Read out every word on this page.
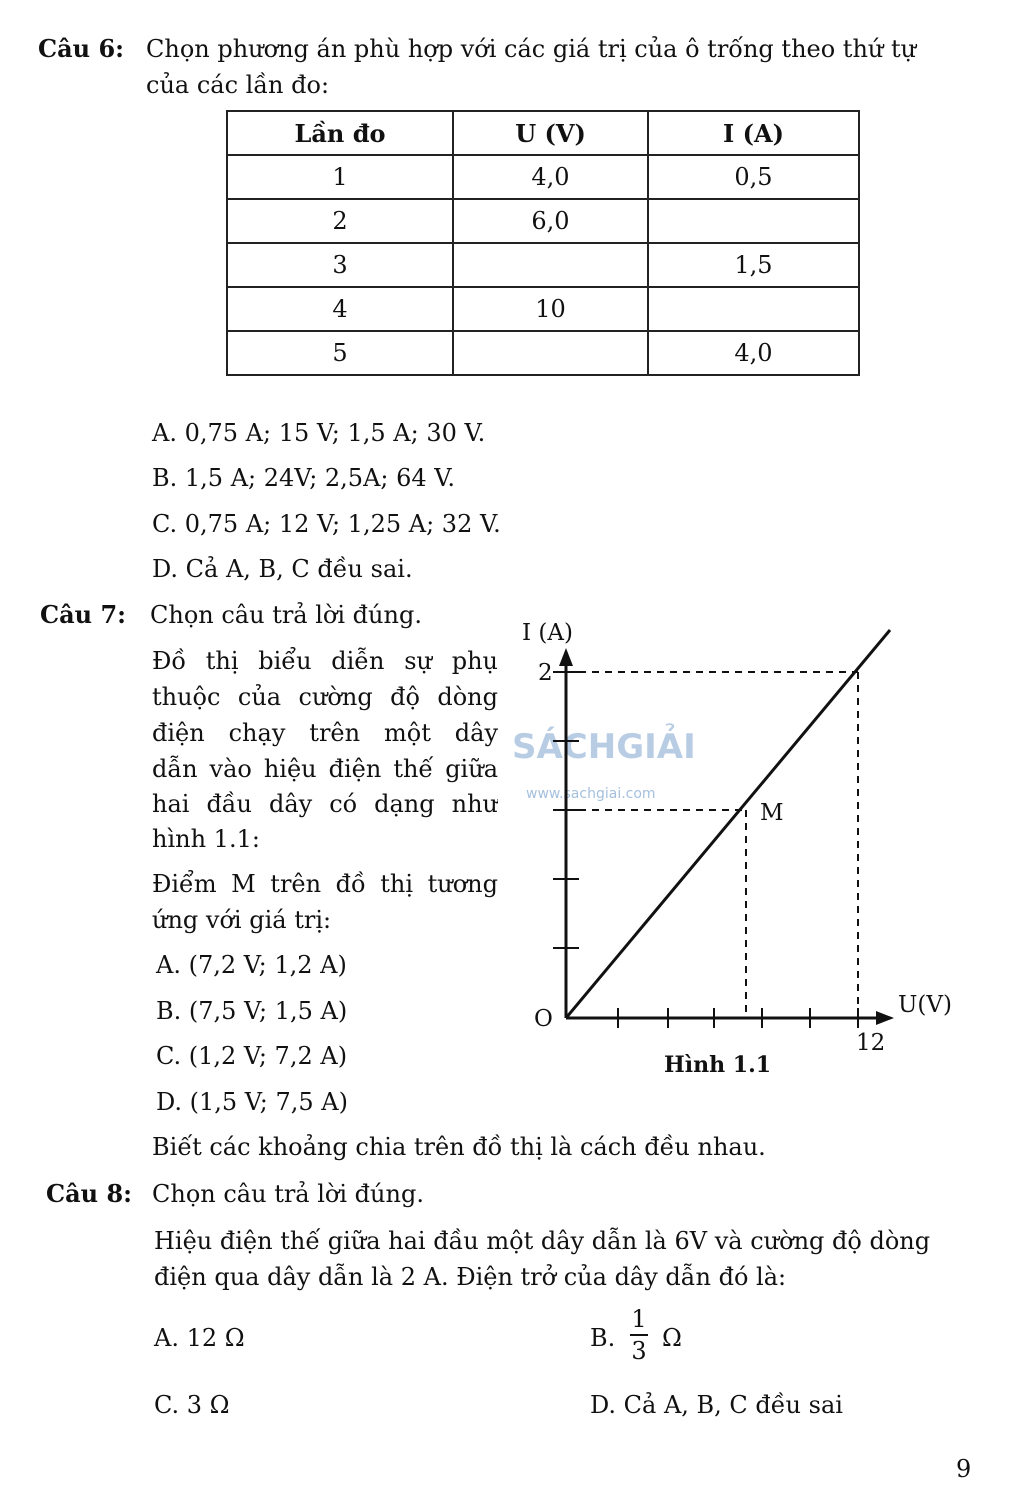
Câu 6: Chọn phương án phù hợp với các giá trị của ô trống theo thứ tự
của các lần đo:
Lần đo	U (V)	I (A)
1	4,0	0,5
2	6,0	
3		1,5
4	10	
5		4,0
A. 0,75 A; 15 V; 1,5 A; 30 V.
B. 1,5 A; 24V; 2,5A; 64 V.
C. 0,75 A; 12 V; 1,25 A; 32 V.
D. Cả A, B, C đều sai.
Câu 7: Chọn câu trả lời đúng.
Đồ thị biểu diễn sự phụ
thuộc của cường độ dòng
điện chạy trên một dây
dẫn vào hiệu điện thế giữa
hai đầu dây có dạng như
hình 1.1:
Điểm M trên đồ thị tương
ứng với giá trị:
A. (7,2 V; 1,2 A)
B. (7,5 V; 1,5 A)
C. (1,2 V; 7,2 A)
D. (1,5 V; 7,5 A)
Biết các khoảng chia trên đồ thị là cách đều nhau.
SÁCHGIẢI
www.sachgiai.com
I (A)
2
U(V)
O
12
M
Hình 1.1
Câu 8: Chọn câu trả lời đúng.
Hiệu điện thế giữa hai đầu một dây dẫn là 6V và cường độ dòng
điện qua dây dẫn là 2 A. Điện trở của dây dẫn đó là:
A. 12 Ω	B.
1
3 Ω
C. 3 Ω	D. Cả A, B, C đều sai
9
